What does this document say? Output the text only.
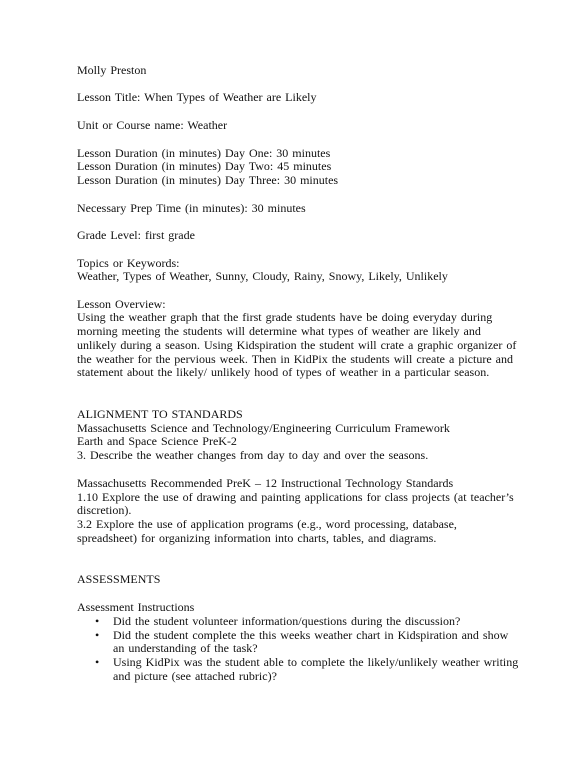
Molly Preston
Lesson Title: When Types of Weather are Likely
Unit or Course name: Weather
Lesson Duration (in minutes) Day One: 30 minutes
Lesson Duration (in minutes) Day Two: 45 minutes
Lesson Duration (in minutes) Day Three: 30 minutes
Necessary Prep Time (in minutes): 30 minutes
Grade Level: first grade
Topics or Keywords:
Weather, Types of Weather, Sunny, Cloudy, Rainy, Snowy, Likely, Unlikely
Lesson Overview:
Using the weather graph that the first grade students have be doing everyday during
morning meeting the students will determine what types of weather are likely and
unlikely during a season. Using Kidspiration the student will crate a graphic organizer of
the weather for the pervious week. Then in KidPix the students will create a picture and
statement about the likely/ unlikely hood of types of weather in a particular season.
ALIGNMENT TO STANDARDS
Massachusetts Science and Technology/Engineering Curriculum Framework
Earth and Space Science PreK-2
3. Describe the weather changes from day to day and over the seasons.
Massachusetts Recommended PreK – 12 Instructional Technology Standards
1.10 Explore the use of drawing and painting applications for class projects (at teacher’s
discretion).
3.2 Explore the use of application programs (e.g., word processing, database,
spreadsheet) for organizing information into charts, tables, and diagrams.
ASSESSMENTS
Assessment Instructions
•	Did the student volunteer information/questions during the discussion?
•	Did the student complete the this weeks weather chart in Kidspiration and show
an understanding of the task?
•	Using KidPix was the student able to complete the likely/unlikely weather writing
and picture (see attached rubric)?
